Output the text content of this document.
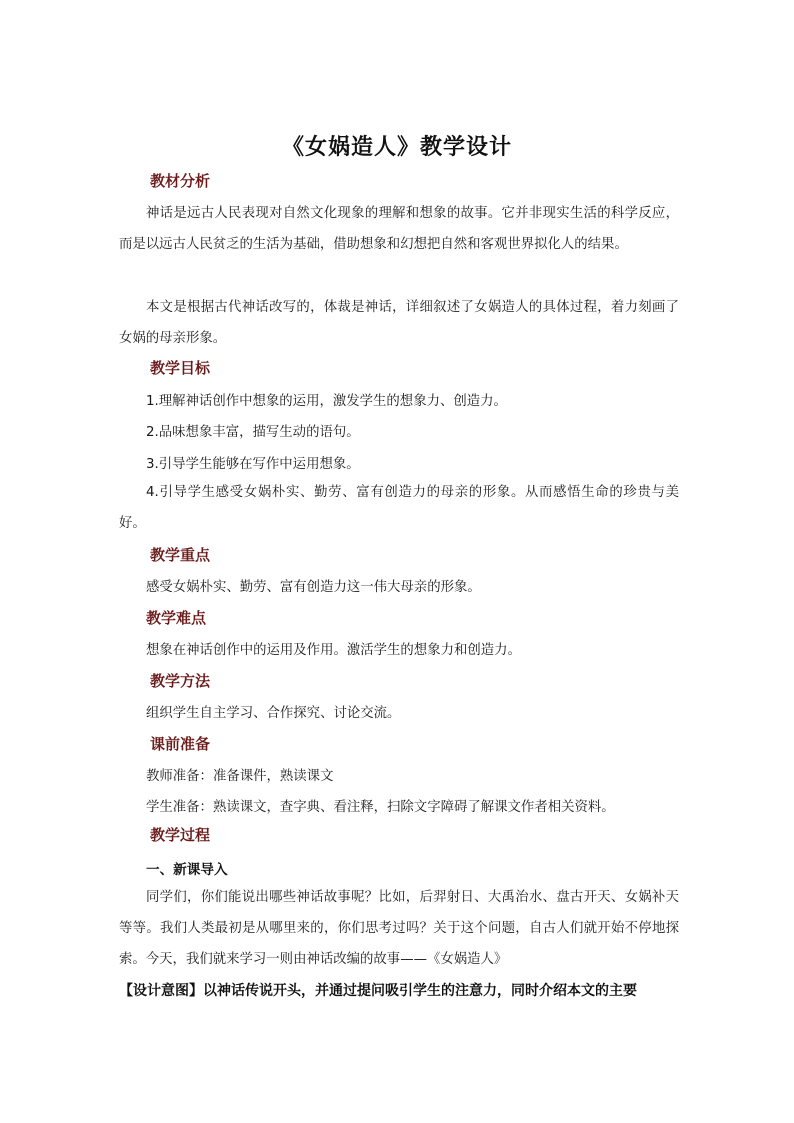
《女娲造人》教学设计
教材分析
神话是远古人民表现对自然文化现象的理解和想象的故事。它并非现实生活的科学反应，而是以远古人民贫乏的生活为基础，借助想象和幻想把自然和客观世界拟化人的结果。
本文是根据古代神话改写的，体裁是神话，详细叙述了女娲造人的具体过程，着力刻画了女娲的母亲形象。
教学目标
1.理解神话创作中想象的运用，激发学生的想象力、创造力。
2.品味想象丰富，描写生动的语句。
3.引导学生能够在写作中运用想象。
4.引导学生感受女娲朴实、勤劳、富有创造力的母亲的形象。从而感悟生命的珍贵与美好。
教学重点
感受女娲朴实、勤劳、富有创造力这一伟大母亲的形象。
教学难点
想象在神话创作中的运用及作用。激活学生的想象力和创造力。
教学方法
组织学生自主学习、合作探究、讨论交流。
课前准备
教师准备：准备课件，熟读课文
学生准备：熟读课文，查字典、看注释，扫除文字障碍了解课文作者相关资料。
教学过程
一、新课导入
同学们，你们能说出哪些神话故事呢？比如，后羿射日、大禹治水、盘古开天、女娲补天等等。我们人类最初是从哪里来的，你们思考过吗？关于这个问题，自古人们就开始不停地探索。今天，我们就来学习一则由神话改编的故事——《女娲造人》
【设计意图】以神话传说开头，并通过提问吸引学生的注意力，同时介绍本文的主要
